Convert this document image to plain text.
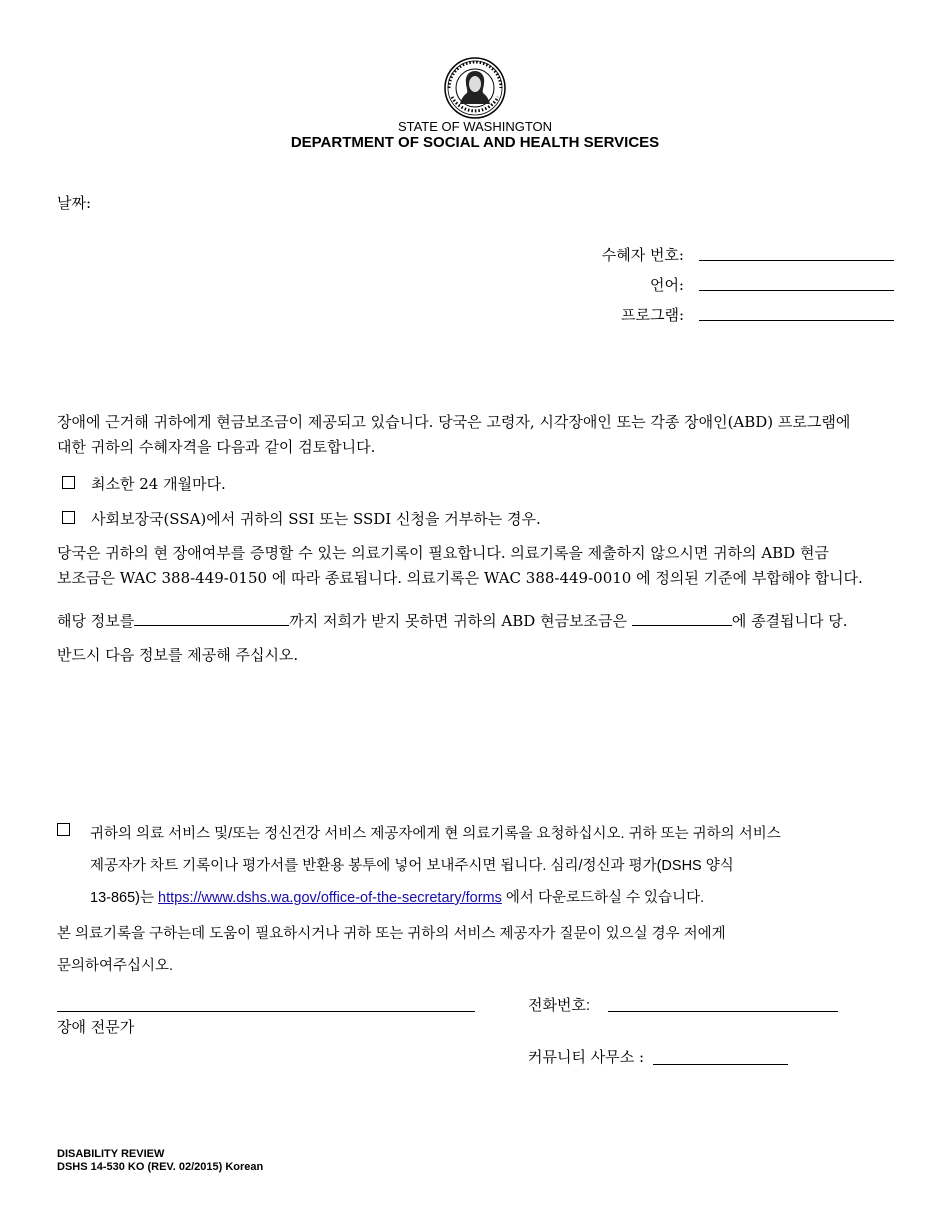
STATE OF WASHINGTON
DEPARTMENT OF SOCIAL AND HEALTH SERVICES
날짜:
수혜자 번호:
언어:
프로그램:
장애에 근거해 귀하에게 현금보조금이 제공되고 있습니다. 당국은 고령자, 시각장애인 또는 각종 장애인(ABD) 프로그램에
대한 귀하의 수혜자격을 다음과 같이 검토합니다.
최소한 24 개월마다.
사회보장국(SSA)에서 귀하의 SSI 또는 SSDI 신청을 거부하는 경우.
당국은 귀하의 현 장애여부를 증명할 수 있는 의료기록이 필요합니다. 의료기록을 제출하지 않으시면 귀하의 ABD 현금
보조금은 WAC 388-449-0150 에 따라 종료됩니다. 의료기록은 WAC 388-449-0010 에 정의된 기준에 부합해야 합니다.
해당 정보를	까지 저희가 받지 못하면 귀하의 ABD 현금보조금은	에 종결됩니다 당.
반드시 다음 정보를 제공해 주십시오.
귀하의 의료 서비스 및/또는 정신건강 서비스 제공자에게 현 의료기록을 요청하십시오. 귀하 또는 귀하의 서비스
제공자가 차트 기록이나 평가서를 반환용 봉투에 넣어 보내주시면 됩니다. 심리/정신과 평가(DSHS 양식
13-865)는 https://www.dshs.wa.gov/office-of-the-secretary/forms 에서 다운로드하실 수 있습니다.
본 의료기록을 구하는데 도움이 필요하시거나 귀하 또는 귀하의 서비스 제공자가 질문이 있으실 경우 저에게
문의하여주십시오.
장애 전문가
전화번호:
커뮤니티 사무소 :
DISABILITY REVIEW
DSHS 14-530 KO (REV. 02/2015) Korean
